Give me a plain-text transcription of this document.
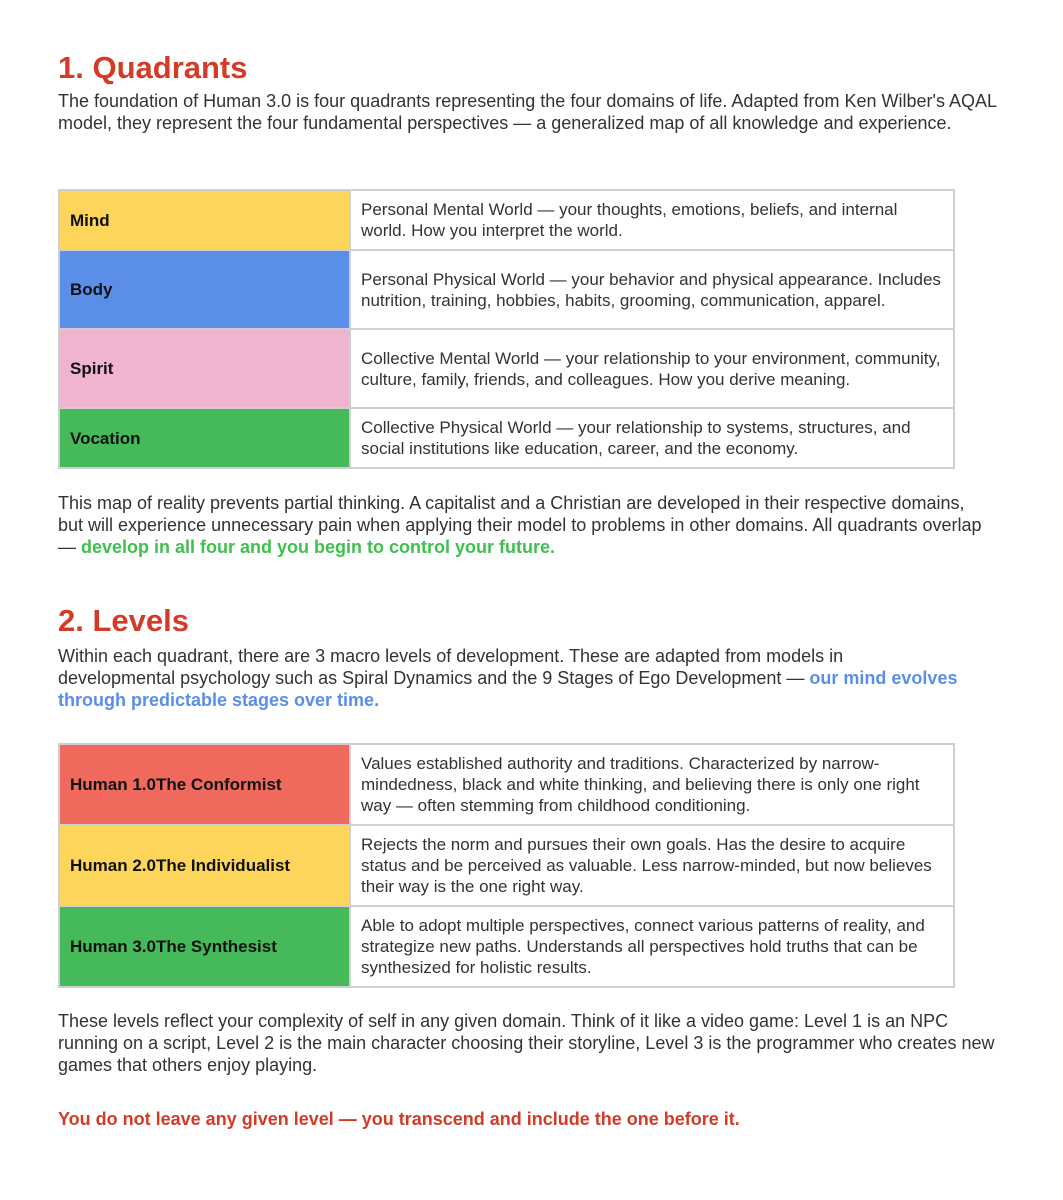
1. Quadrants

The foundation of Human 3.0 is four quadrants representing the four domains of life. Adapted from Ken Wilber's AQAL model, they represent the four fundamental perspectives — a generalized map of all knowledge and experience.

Mind	Personal Mental World — your thoughts, emotions, beliefs, and internal world. How you interpret the world.
Body	Personal Physical World — your behavior and physical appearance. Includes nutrition, training, hobbies, habits, grooming, communication, apparel.
Spirit	Collective Mental World — your relationship to your environment, community, culture, family, friends, and colleagues. How you derive meaning.
Vocation	Collective Physical World — your relationship to systems, structures, and social institutions like education, career, and the economy.

This map of reality prevents partial thinking. A capitalist and a Christian are developed in their respective domains, but will experience unnecessary pain when applying their model to problems in other domains. All quadrants overlap — develop in all four and you begin to control your future.

2. Levels

Within each quadrant, there are 3 macro levels of development. These are adapted from models in developmental psychology such as Spiral Dynamics and the 9 Stages of Ego Development — our mind evolves through predictable stages over time.

Human 1.0The Conformist	Values established authority and traditions. Characterized by narrow-mindedness, black and white thinking, and believing there is only one right way — often stemming from childhood conditioning.
Human 2.0The Individualist	Rejects the norm and pursues their own goals. Has the desire to acquire status and be perceived as valuable. Less narrow-minded, but now believes their way is the one right way.
Human 3.0The Synthesist	Able to adopt multiple perspectives, connect various patterns of reality, and strategize new paths. Understands all perspectives hold truths that can be synthesized for holistic results.

These levels reflect your complexity of self in any given domain. Think of it like a video game: Level 1 is an NPC running on a script, Level 2 is the main character choosing their storyline, Level 3 is the programmer who creates new games that others enjoy playing.

You do not leave any given level — you transcend and include the one before it.
